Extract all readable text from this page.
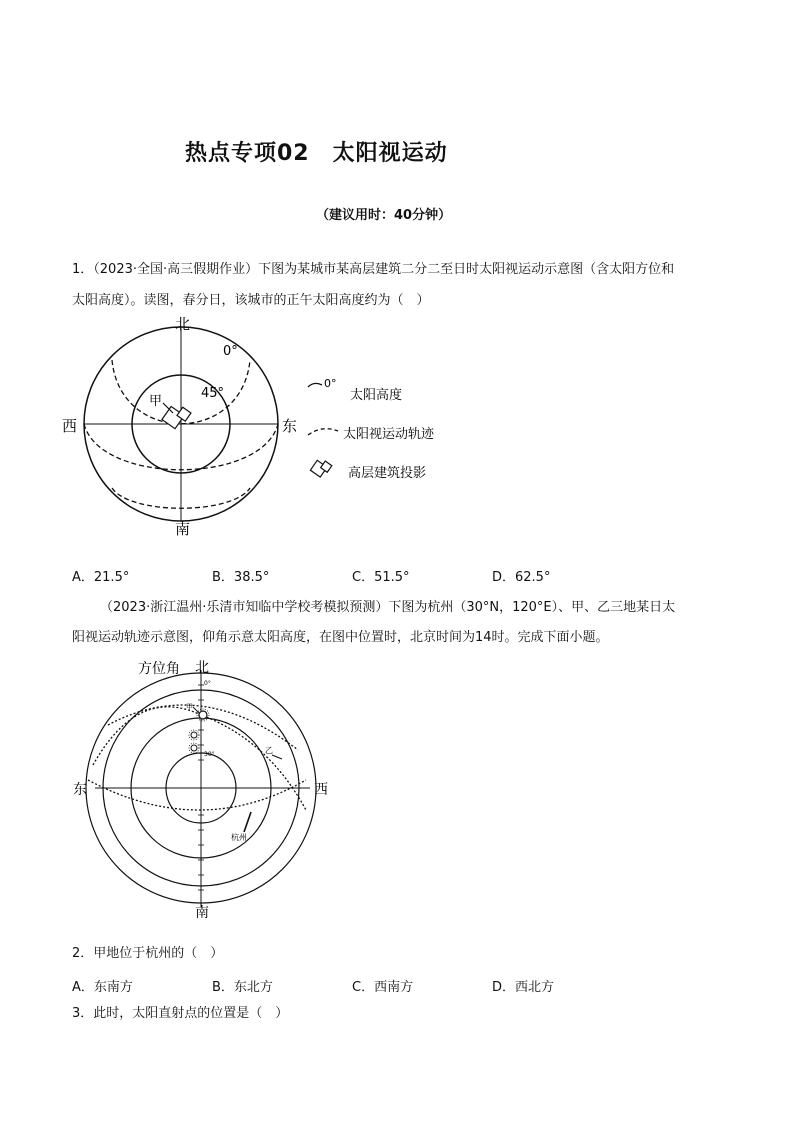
热点专项02　太阳视运动
（建议用时：40分钟）
1．（2023·全国·高三假期作业）下图为某城市某高层建筑二分二至日时太阳视运动示意图（含太阳方位和
太阳高度）。读图，春分日，该城市的正午太阳高度约为（　）
北
南
西	东
0°
45°
甲
0°
太阳高度
太阳视运动轨迹
高层建筑投影
A．21.5°	B．38.5°	C．51.5°	D．62.5°
（2023·浙江温州·乐清市知临中学校考模拟预测）下图为杭州（30°N，120°E）、甲、乙三地某日太
阳视运动轨迹示意图，仰角示意太阳高度，在图中位置时，北京时间为14时。完成下面小题。
方位角 北
南
东	西
0°
30°
甲
乙
杭州
2．甲地位于杭州的（　）
A．东南方	B．东北方	C．西南方	D．西北方
3．此时，太阳直射点的位置是（　）
